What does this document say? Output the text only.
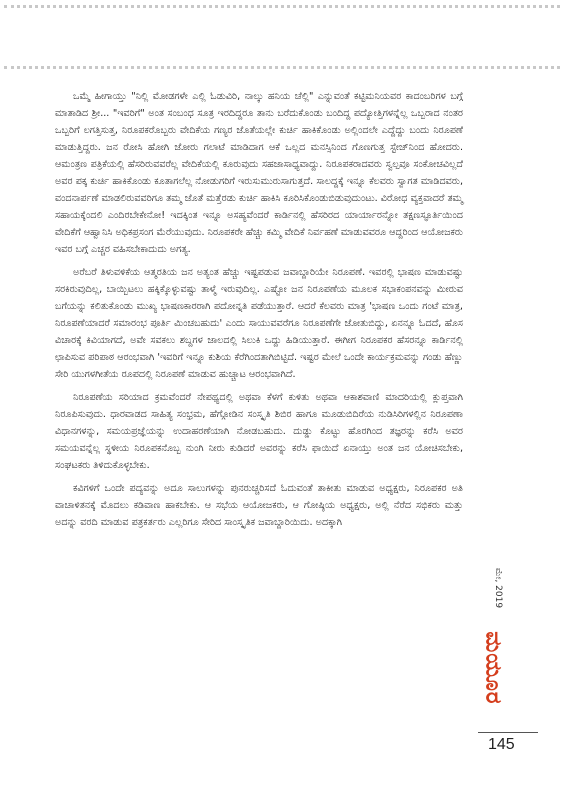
ಒಮ್ಮೆ ಹೀಗಾಯ್ತು "ನಿಲ್ಲಿ ಮೋಡಗಳೇ ಎಲ್ಲಿ ಓಡುವಿರಿ, ನಾಲ್ಕು ಹನಿಯ ಚೆಲ್ಲಿ" ಎನ್ನುವಂತೆ ಕಟ್ಟಿಮನಿಯವರ ಕಾದಂಬರಿಗಳ ಬಗ್ಗೆ ಮಾತಾಡಿದ ಶ್ರೀ... "ಇವರಿಗೆ" ಅಂತ ಸಂಬಂಧ ಸೂತ್ರ ಇರದಿದ್ದರೂ ತಾನು ಬರೆದುಕೊಂಡು ಬಂದಿದ್ದ ಪದ್ಯೋತ್ತಿಗಳನ್ನೆಲ್ಲ ಒಬ್ಬರಾದ ನಂತರ ಒಬ್ಬರಿಗೆ ಲಗತ್ತಿಸುತ್ತ, ನಿರೂಪಕರೊಬ್ಬರು ವೇದಿಕೆಯ ಗಣ್ಯರ ಜೊತೆಯಲ್ಲೇ ಕುರ್ಚಿ ಹಾಕಿಕೊಂಡು ಅಲ್ಲಿಂದಲೇ ಎದ್ದೆದ್ದು ಬಂದು ನಿರೂಪಣೆ ಮಾಡುತ್ತಿದ್ದರು. ಜನ ರೋಸಿ ಹೋಗಿ ಜೋರು ಗಲಾಟೆ ಮಾಡಿದಾಗ ಆಕೆ ಒಲ್ಲದ ಮನಸ್ಸಿನಿಂದ ಗೊಣಗುತ್ತ ಸ್ಟೇಜ್‌ನಿಂದ ಹೋದರು. ಆಮಂತ್ರಣ ಪತ್ರಿಕೆಯಲ್ಲಿ ಹೆಸರಿರುವವರೆಲ್ಲ ವೇದಿಕೆಯಲ್ಲಿ ಕೂರುವುದು ಸಹಜಾಸಾಧ್ಯವಾದ್ದು. ನಿರೂಪಕರಾದವರು ಸ್ವಲ್ಪವೂ ಸಂಕೋಚವಿಲ್ಲದೆ ಅವರ ಪಕ್ಕ ಕುರ್ಚಿ ಹಾಕಿಕೊಂಡು ಕೂತಾಗಲೆಲ್ಲ ನೋಡುಗರಿಗೆ ಇರುಸುಮುರುಸಾಗುತ್ತದೆ. ಸಾಲದ್ದಕ್ಕೆ ಇನ್ನೂ ಕೆಲವರು ಸ್ವಾಗತ ಮಾಡಿದವರು, ವಂದನಾರ್ಪಣೆ ಮಾಡಲಿರುವವರಿಗೂ ತಮ್ಮ ಜೊತೆ ಮತ್ತೆರಡು ಕುರ್ಚಿ ಹಾಕಿಸಿ ಕೂರಿಸಿಕೊಂಡುಬಿಡುವುದುಂಟು. ವಿರೋಧ ವ್ಯಕ್ತವಾದರೆ ತಮ್ಮ ಸಹಾಯಕ್ಕೆಂದಲಿ ಎಂದಿರಬೇಕೇನೋ! ಇದಕ್ಕಿಂತ ಇನ್ನೂ ಅಸಹ್ಯವೆಂದರೆ ಕಾರ್ಡಿನಲ್ಲಿ ಹೆಸರಿರದ ಯಾರ್ಯಾರನ್ನೋ ತಕ್ಷಣಸ್ಫೂರ್ತಿಯಿಂದ ವೇದಿಕೆಗೆ ಆಹ್ವಾನಿಸಿ ಅಧಿಕಪ್ರಸಂಗ ಮೆರೆಯುವುದು. ನಿರೂಪಕರೇ ಹೆಚ್ಚು ಕಮ್ಮಿ ವೇದಿಕೆ ನಿರ್ವಹಣೆ ಮಾಡುವವರೂ ಆದ್ದರಿಂದ ಆಯೋಜಕರು ಇವರ ಬಗ್ಗೆ ಎಚ್ಚರ ವಹಿಸಬೇಕಾದುದು ಅಗತ್ಯ.

ಅರೆಬರೆ ತಿಳುವಳಿಕೆಯ ಆತ್ಮರತಿಯ ಜನ ಅತ್ಯಂತ ಹೆಚ್ಚು ಇಷ್ಟಪಡುವ ಜವಾಬ್ದಾರಿಯೇ ನಿರೂಪಣೆ. ಇವರಲ್ಲಿ ಭಾಷಣ ಮಾಡುವಷ್ಟು ಸರಕಿರುವುದಿಲ್ಲ, ಬಾಯ್ಬಿಟಲು ಹಕ್ಕಿಕ್ಕೊಳ್ಳುವಷ್ಟು ತಾಳ್ಮೆ ಇರುವುದಿಲ್ಲ. ಎಷ್ಟೋ ಜನ ನಿರೂಪಣೆಯ ಮೂಲಕ ಸಭಾಕಂಪನವನ್ನು ಮೀರುವ ಬಗೆಯನ್ನು ಕಲಿತುಕೊಂಡು ಮುಖ್ಯ ಭಾಷಣಕಾರರಾಗಿ ಪದೋನ್ನತಿ ಪಡೆಯುತ್ತಾರೆ. ಆದರೆ ಕೆಲವರು ಮಾತ್ರ 'ಭಾಷಣ ಒಂದು ಗಂಟೆ ಮಾತ್ರ, ನಿರೂಪಣೆಯಾದರೆ ಸಮಾರಂಭ ಪೂರ್ತಿ ಮಿಂಚಬಹುದು' ಎಂದು ಸಾಯುವವರೆಗೂ ನಿರೂಪಣೆಗೇ ಜೋತುಬಿದ್ದು, ಏನನ್ನೂ ಓದದೆ, ಹೊಸ ವಿಚಾರಕ್ಕೆ ಕಿವಿಯಾಗದೆ, ಅವೇ ಸವಕಲು ಶಬ್ದಗಳ ಜಾಲದಲ್ಲಿ ಸಿಲುಕಿ ಒದ್ದು ಹಿಡಿಯುತ್ತಾರೆ. ಈಗೀಗ ನಿರೂಪಕರ ಹೆಸರನ್ನೂ ಕಾರ್ಡಿನಲ್ಲಿ ಛಾಪಿಸುವ ಪರಿಪಾಠ ಆರಂಭವಾಗಿ 'ಇವರಿಗೆ ಇನ್ನೂ ಕುಶಿಯ ಕೆರೆಗಿಂದತಾಗಿಬಿಟ್ಟಿದೆ. ಇಷ್ಟರ ಮೇಲೆ ಒಂದೇ ಕಾರ್ಯಕ್ರಮವನ್ನು ಗಂಡು ಹೆಣ್ಣು ಸೇರಿ ಯುಗಳಗೀತೆಯ ರೂಪದಲ್ಲಿ ನಿರೂಪಣೆ ಮಾಡುವ ಹುಚ್ಚಾಟ ಆರಂಭವಾಗಿದೆ.

ನಿರೂಪಣೆಯ ಸರಿಯಾದ ಕ್ರಮವೆಂದರೆ ನೇಪಥ್ಯದಲ್ಲಿ ಅಥವಾ ಕೆಳಗೆ ಕುಳಿತು ಅಥವಾ ಆಕಾಶವಾಣಿ ಮಾದರಿಯಲ್ಲಿ ಕ್ಲುಪ್ತವಾಗಿ ನಿರೂಪಿಸುವುದು. ಧಾರವಾಡದ ಸಾಹಿತ್ಯ ಸಂಭ್ರಮ, ಹೆಗ್ಗೋಡಿನ ಸಂಸ್ಕೃತಿ ಶಿಬಿರ ಹಾಗೂ ಮೂಡುಬಿದಿರೆಯ ನುಡಿಸಿರಿಗಳಲ್ಲಿನ ನಿರೂಪಣಾ ವಿಧಾನಗಳನ್ನು, ಸಮಯಪ್ರಜ್ಞೆಯನ್ನು ಉದಾಹರಣೆಯಾಗಿ ನೋಡಬಹುದು. ದುಡ್ಡು ಕೊಟ್ಟು ಹೊರಗಿಂದ ತಜ್ಞರನ್ನು ಕರೆಸಿ ಅವರ ಸಮಯವನ್ನೆಲ್ಲ ಸ್ಥಳೀಯ ನಿರೂಪಕನೊಬ್ಬ ನುಂಗಿ ನೀರು ಕುಡಿದರೆ ಅವರನ್ನು ಕರೆಸಿ ಫಾಯಿದೆ ಏನಾಯ್ತು ಅಂತ ಜನ ಯೋಚಿಸಬೇಕು, ಸಂಘಟಕರು ತಿಳಿದುಕೊಳ್ಳಬೇಕು.

ಕವಿಗಳಿಗೆ ಒಂದೇ ಪದ್ಯವನ್ನು ಅದೂ ಸಾಲುಗಳನ್ನು ಪುನರುಚ್ಚರಿಸದೆ ಓದುವಂತೆ ತಾಕೀತು ಮಾಡುವ ಅಧ್ಯಕ್ಷರು, ನಿರೂಪಕರ ಅತಿ ವಾಚಾಳಿತನಕ್ಕೆ ಮೊದಲು ಕಡಿವಾಣ ಹಾಕಬೇಕು. ಆ ಸಭೆಯ ಆಯೋಜಕರು, ಆ ಗೋಷ್ಠಿಯ ಅಧ್ಯಕ್ಷರು, ಅಲ್ಲಿ ನೆರೆದ ಸಭಿಕರು ಮತ್ತು ಅದನ್ನು ವರದಿ ಮಾಡುವ ಪತ್ರಕರ್ತರು ಎಲ್ಲರಿಗೂ ಸೇರಿದ ಸಾಂಸ್ಕೃತಿಕ ಜವಾಬ್ದಾರಿಯಿದು. ಅದಕ್ಕಾಗಿ

ಮೇ, 2019
ಮಯೂರ
145
